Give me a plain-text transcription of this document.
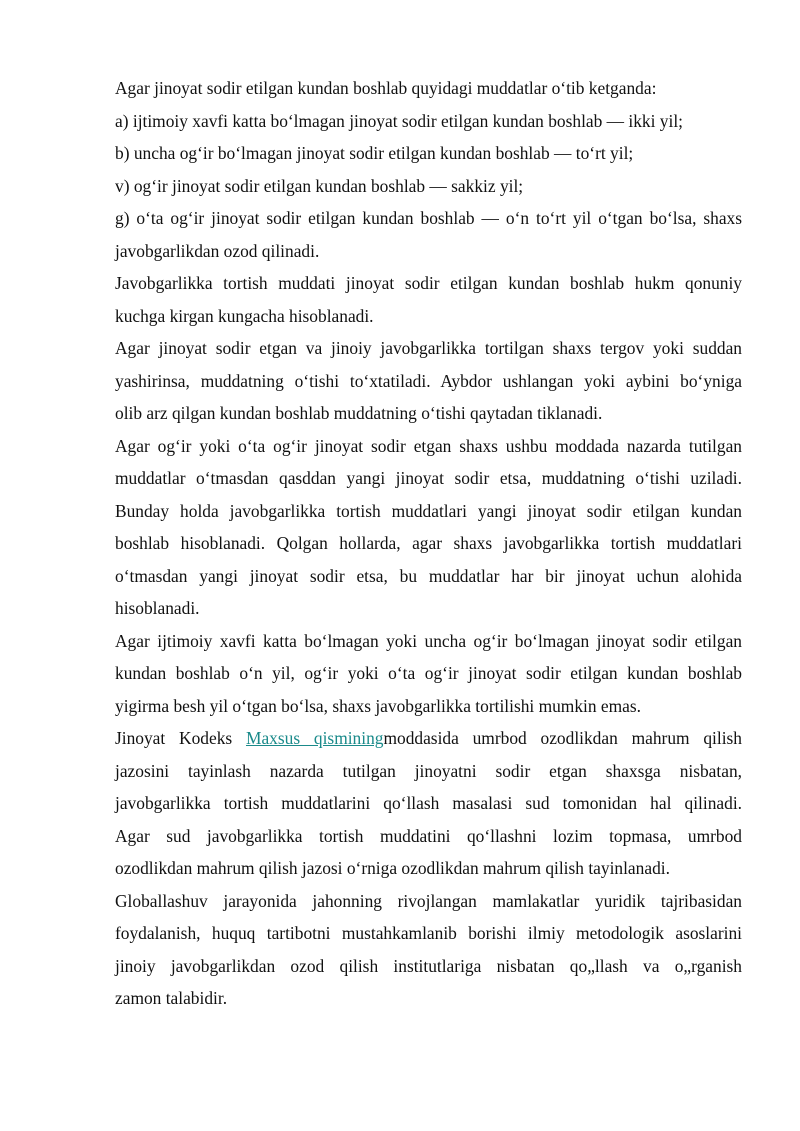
Agar jinoyat sodir etilgan kundan boshlab quyidagi muddatlar o‘tib ketganda:
a) ijtimoiy xavfi katta bo‘lmagan jinoyat sodir etilgan kundan boshlab — ikki yil;
b) uncha og‘ir bo‘lmagan jinoyat sodir etilgan kundan boshlab — to‘rt yil;
v) og‘ir jinoyat sodir etilgan kundan boshlab — sakkiz yil;
g) o‘ta og‘ir jinoyat sodir etilgan kundan boshlab — o‘n to‘rt yil o‘tgan bo‘lsa, shaxs
javobgarlikdan ozod qilinadi.
Javobgarlikka tortish muddati jinoyat sodir etilgan kundan boshlab hukm qonuniy
kuchga kirgan kungacha hisoblanadi.
Agar jinoyat sodir etgan va jinoiy javobgarlikka tortilgan shaxs tergov yoki suddan
yashirinsa, muddatning o‘tishi to‘xtatiladi. Aybdor ushlangan yoki aybini bo‘yniga
olib arz qilgan kundan boshlab muddatning o‘tishi qaytadan tiklanadi.
Agar og‘ir yoki o‘ta og‘ir jinoyat sodir etgan shaxs ushbu moddada nazarda tutilgan
muddatlar o‘tmasdan qasddan yangi jinoyat sodir etsa, muddatning o‘tishi uziladi.
Bunday holda javobgarlikka tortish muddatlari yangi jinoyat sodir etilgan kundan
boshlab hisoblanadi. Qolgan hollarda, agar shaxs javobgarlikka tortish muddatlari
o‘tmasdan yangi jinoyat sodir etsa, bu muddatlar har bir jinoyat uchun alohida
hisoblanadi.
Agar ijtimoiy xavfi katta bo‘lmagan yoki uncha og‘ir bo‘lmagan jinoyat sodir etilgan
kundan boshlab o‘n yil, og‘ir yoki o‘ta og‘ir jinoyat sodir etilgan kundan boshlab
yigirma besh yil o‘tgan bo‘lsa, shaxs javobgarlikka tortilishi mumkin emas.
Jinoyat Kodeks Maxsus qisminingmoddasida umrbod ozodlikdan mahrum qilish
jazosini tayinlash nazarda tutilgan jinoyatni sodir etgan shaxsga nisbatan,
javobgarlikka tortish muddatlarini qo‘llash masalasi sud tomonidan hal qilinadi.
Agar sud javobgarlikka tortish muddatini qo‘llashni lozim topmasa, umrbod
ozodlikdan mahrum qilish jazosi o‘rniga ozodlikdan mahrum qilish tayinlanadi.
Globallashuv jarayonida jahonning rivojlangan mamlakatlar yuridik tajribasidan
foydalanish, huquq tartibotni mustahkamlanib borishi ilmiy metodologik asoslarini
jinoiy javobgarlikdan ozod qilish institutlariga nisbatan qo„llash va o„rganish
zamon talabidir.
